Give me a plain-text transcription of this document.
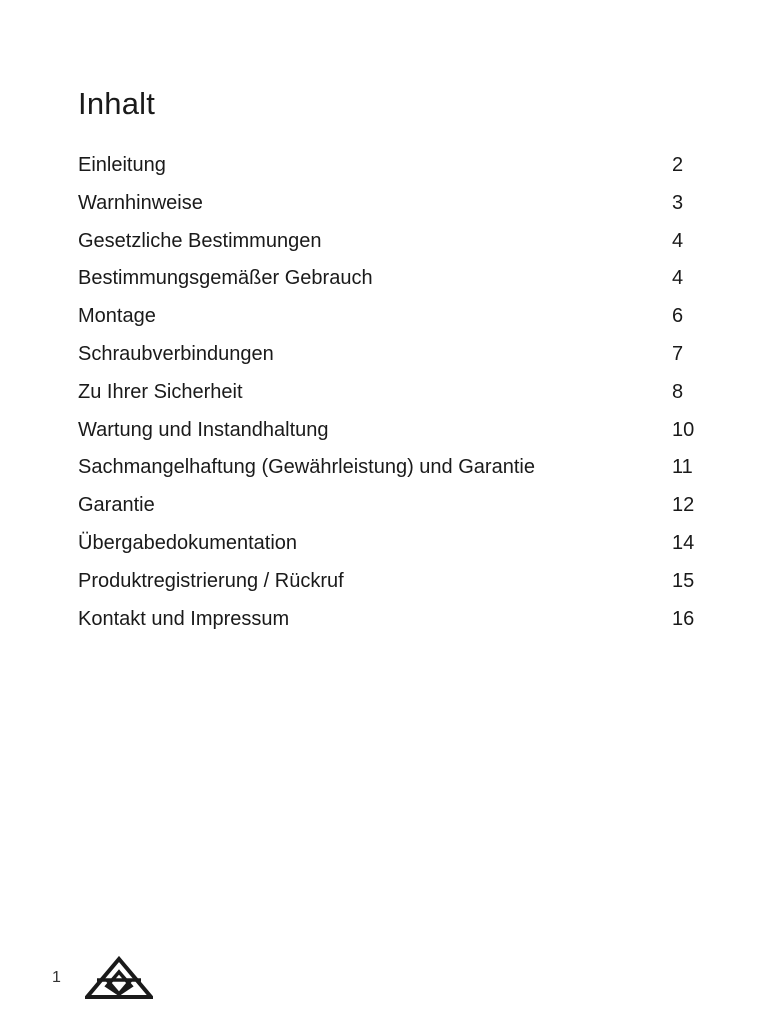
Inhalt
Einleitung	2
Warnhinweise	3
Gesetzliche Bestimmungen	4
Bestimmungsgemäßer Gebrauch	4
Montage	6
Schraubverbindungen	7
Zu Ihrer Sicherheit	8
Wartung und Instandhaltung	10
Sachmangelhaftung (Gewährleistung) und Garantie	11
Garantie	12
Übergabedokumentation	14
Produktregistrierung / Rückruf	15
Kontakt und Impressum	16
1
